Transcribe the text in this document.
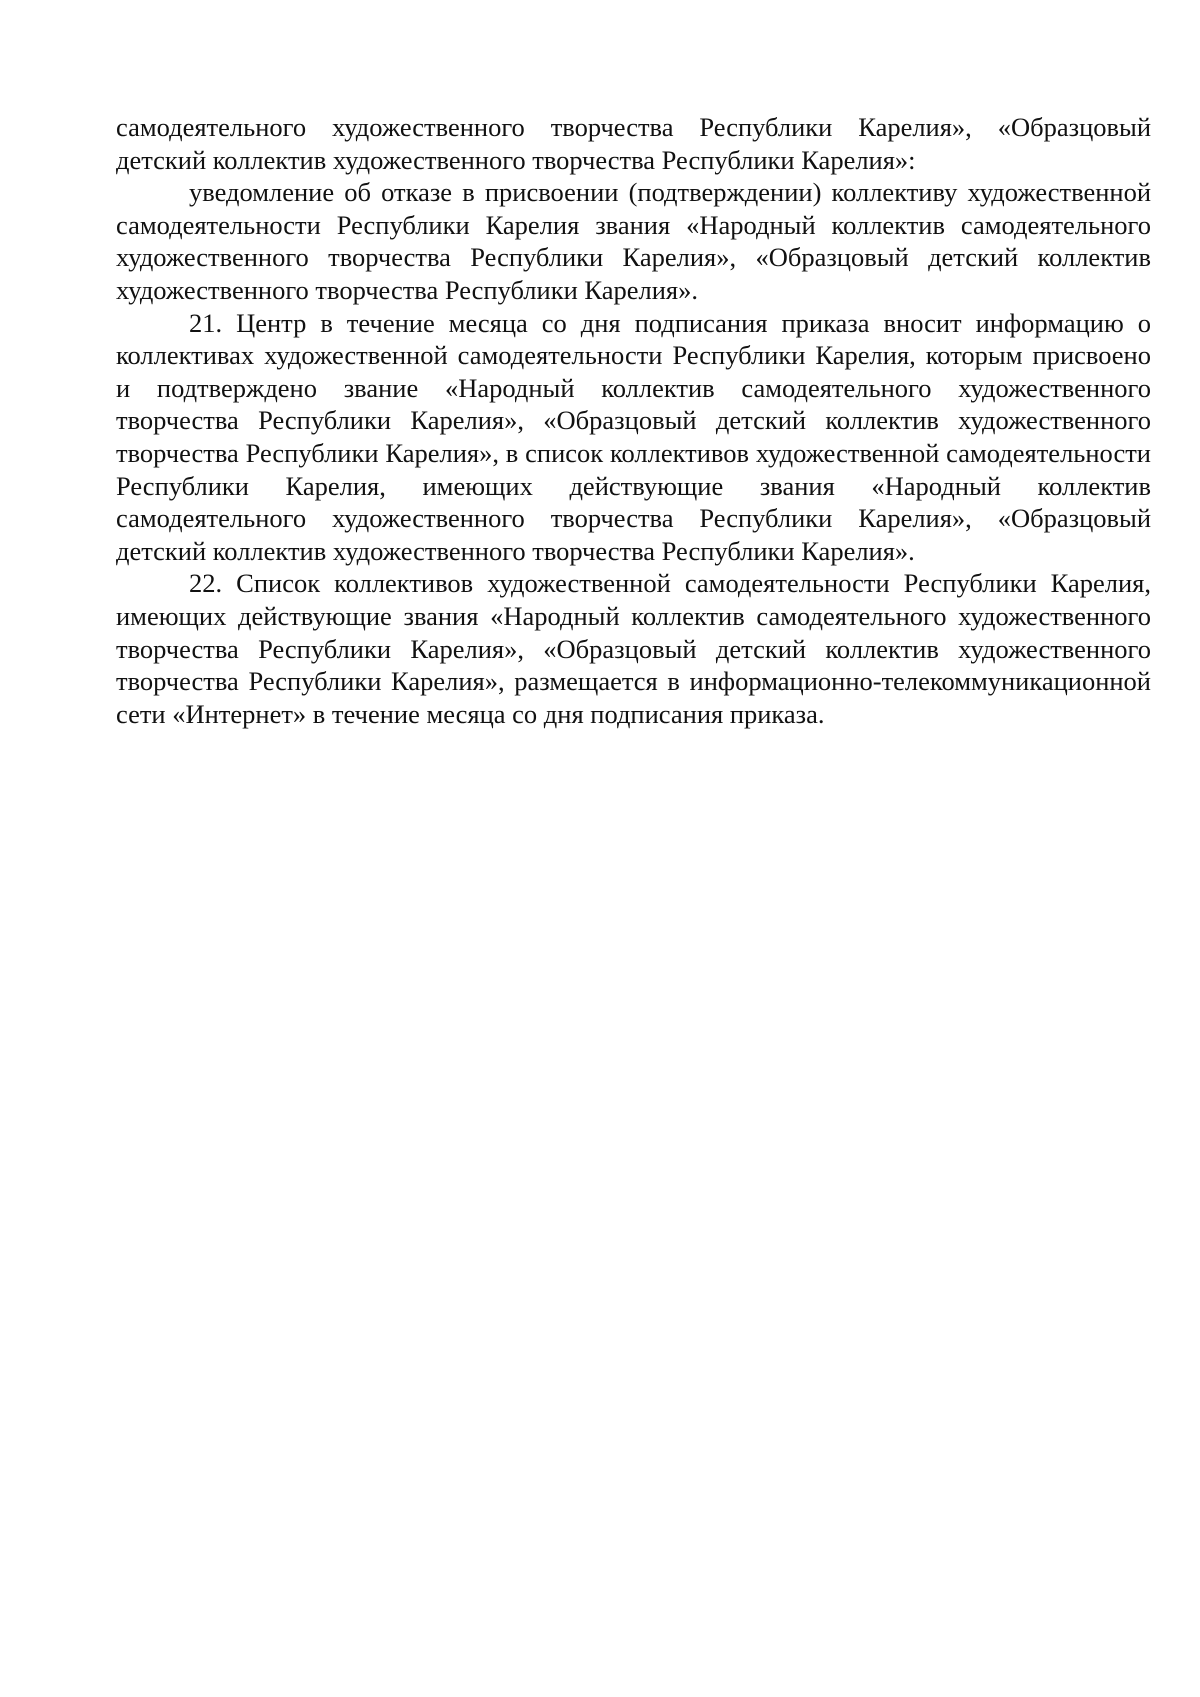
самодеятельного художественного творчества Республики Карелия», «Образцовый детский коллектив художественного творчества Республики Карелия»:

уведомление об отказе в присвоении (подтверждении) коллективу художественной самодеятельности Республики Карелия звания «Народный коллектив самодеятельного художественного творчества Республики Карелия», «Образцовый детский коллектив художественного творчества Республики Карелия».

21. Центр в течение месяца со дня подписания приказа вносит информацию о коллективах художественной самодеятельности Республики Карелия, которым присвоено и подтверждено звание «Народный коллектив самодеятельного художественного творчества Республики Карелия», «Образцовый детский коллектив художественного творчества Республики Карелия», в список коллективов художественной самодеятельности Республики Карелия, имеющих действующие звания «Народный коллектив самодеятельного художественного творчества Республики Карелия», «Образцовый детский коллектив художественного творчества Республики Карелия».

22. Список коллективов художественной самодеятельности Республики Карелия, имеющих действующие звания «Народный коллектив самодеятельного художественного творчества Республики Карелия», «Образцовый детский коллектив художественного творчества Республики Карелия», размещается в информационно-телекоммуникационной сети «Интернет» в течение месяца со дня подписания приказа.
